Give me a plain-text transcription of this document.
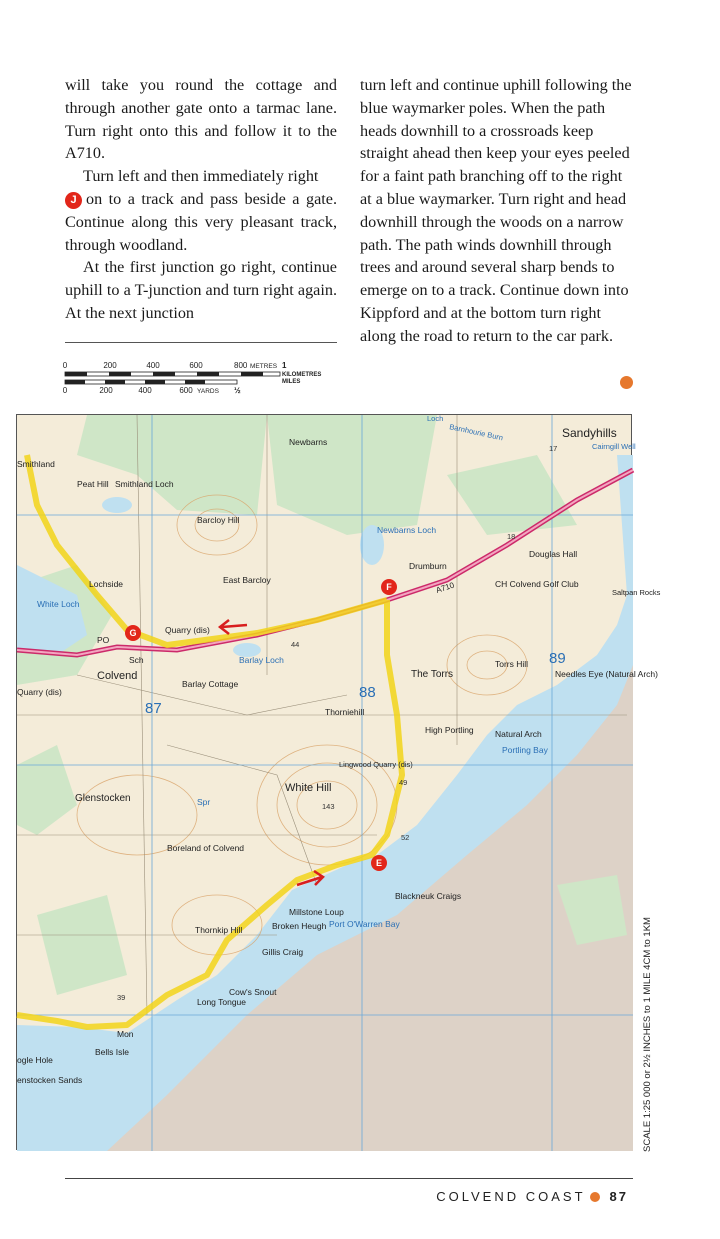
will take you round the cottage and through another gate onto a tarmac lane. Turn right onto this and follow it to the A710.

Turn left and then immediately right

J on to a track and pass beside a gate. Continue along this very pleasant track, through woodland.

At the first junction go right, continue uphill to a T-junction and turn right again. At the next junction

turn left and continue uphill following the blue waymarker poles. When the path heads downhill to a crossroads keep straight ahead then keep your eyes peeled for a faint path branching off to the right at a blue waymarker. Turn right and head downhill through the woods on a narrow path. The path winds downhill through trees and around several sharp bends to emerge on to a track. Continue down into Kippford and at the bottom turn right along the road to return to the car park.

0	200	400	600	800 METRES 1
KILOMETRES
MILES
0	200	400	600 YARDS ½
F
G
E
87
88
89
143
17
18
44
49
52
39
A710
Sandyhills
Cairngill Well
Barnhourie Burn
Loch
Newbarns
Smithland
Peat Hill Smithland Loch
Barcloy Hill
Newbarns Loch
Drumburn
Douglas Hall
CH Colvend Golf Club
Lochside
White Loch
East Barcloy
Quarry (dis)
PO
Sch
Colvend
Barlay Loch
Barlay Cottage
The Torrs
Torrs Hill
Needles Eye (Natural Arch)
Saltpan Rocks
Thorniehill
High Portling	Natural Arch
Portling Bay
Lingwood Quarry (dis)
White Hill
Glenstocken
Boreland of Colvend
Blackneuk Craigs
Millstone Loup
Port O'Warren Bay
Thornkip Hill	Broken Heugh
Gillis Craig
Cow's Snout
Long Tongue
Bells Isle
Mon
ogle Hole
enstocken Sands
Quarry (dis)
Spr
SCALE 1:25 000 or 2½ INCHES to 1 MILE 4CM to 1KM
COLVEND COAST 87
